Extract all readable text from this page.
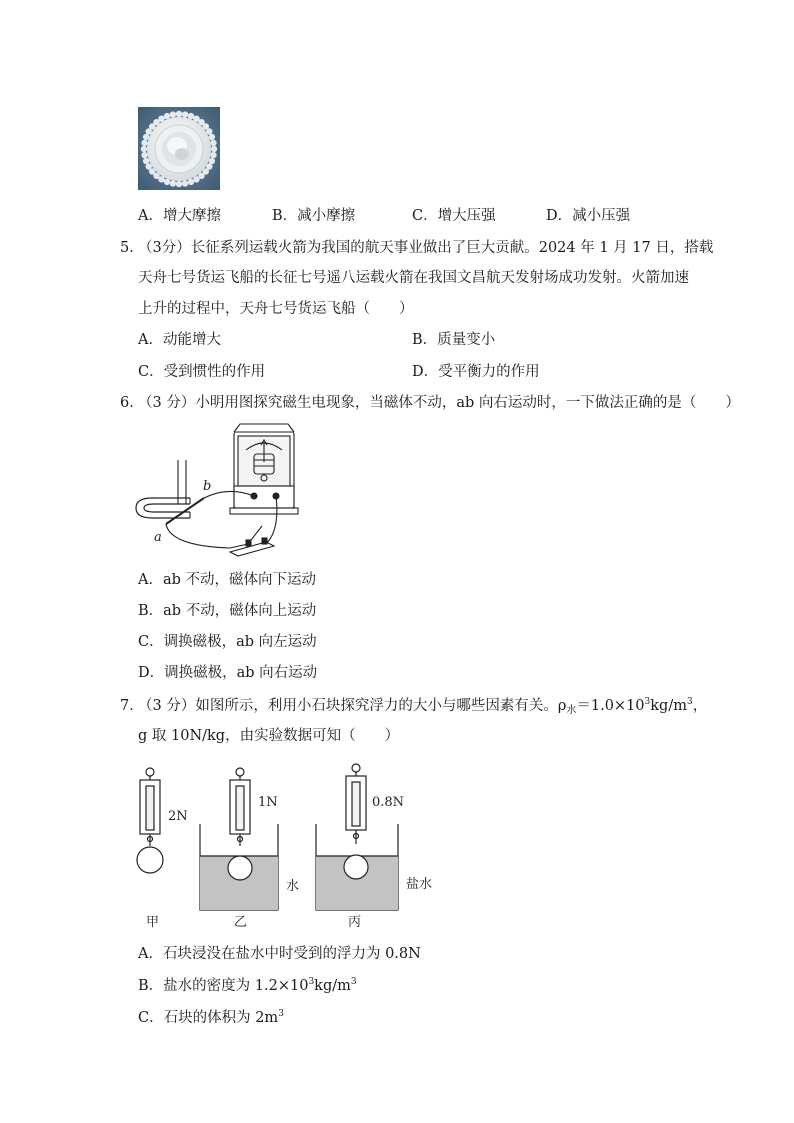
A．增大摩擦	B．减小摩擦	C．增大压强	D．减小压强
5．
（3分）长征系列运载火箭为我国的航天事业做出了巨大贡献。2024 年 1 月 17 日，搭载
天舟七号货运飞船的长征七号遥八运载火箭在我国文昌航天发射场成功发射。火箭加速
上升的过程中，天舟七号货运飞船（　　）
A．动能增大	B．质量变小
C．受到惯性的作用	D．受平衡力的作用
6．
（3 分）小明用图探究磁生电现象，当磁体不动，ab 向右运动时，一下做法正确的是（　　）
b
a
A．ab 不动，磁体向下运动
B．ab 不动，磁体向上运动
C．调换磁极，ab 向左运动
D．调换磁极，ab 向右运动
7．
（3 分）如图所示，利用小石块探究浮力的大小与哪些因素有关。$\rho_水=1.0\times 10^3kg/m^3$，
g 取 10N/kg，由实验数据可知（　　）
2N
1N	0.8N
水	盐水
甲	乙	丙
A．石块浸没在盐水中时受到的浮力为 0.8N
B．盐水的密度为 $1.2\times 10^3kg/m^3$
C．石块的体积为 $2m^3$
